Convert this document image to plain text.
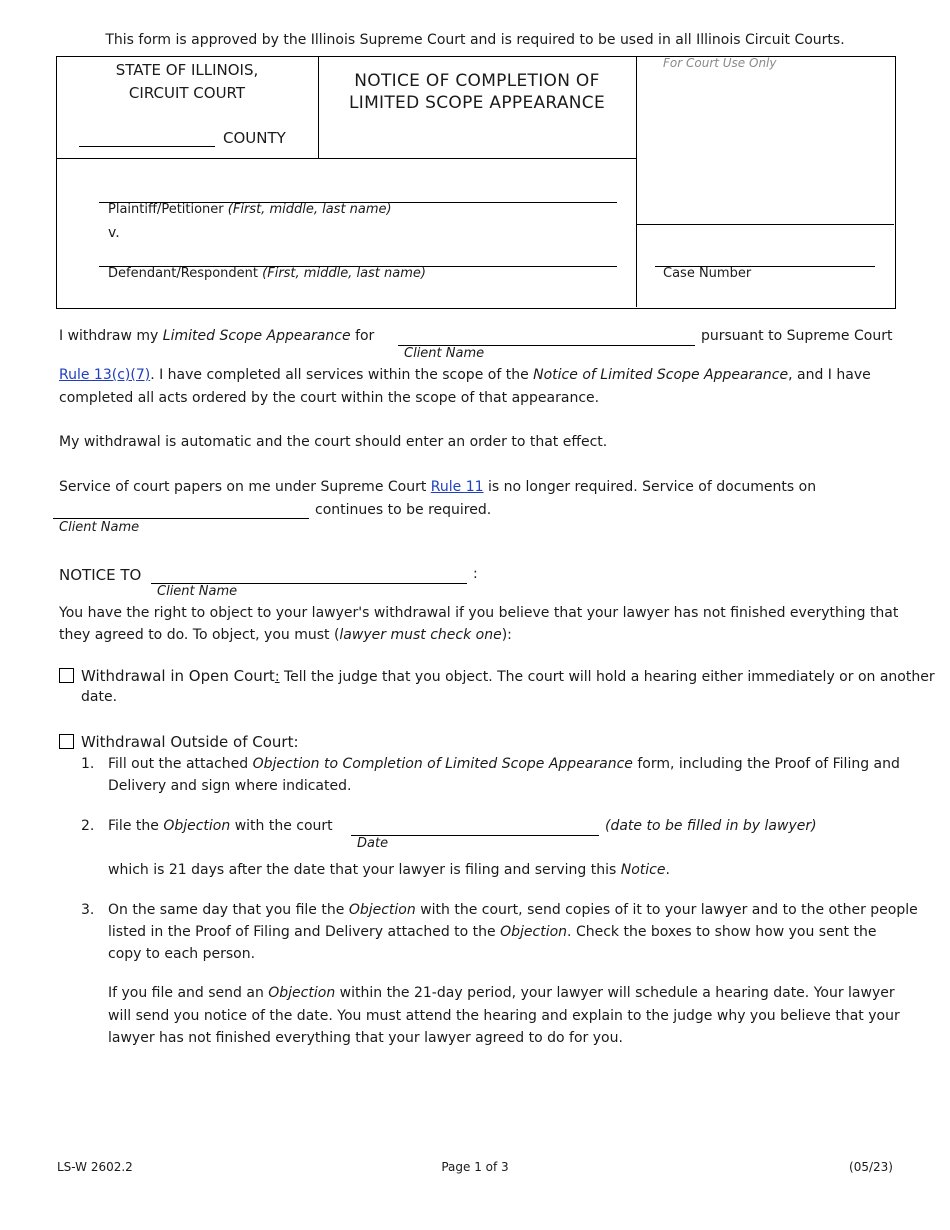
This form is approved by the Illinois Supreme Court and is required to be used in all Illinois Circuit Courts.
STATE OF ILLINOIS,
CIRCUIT COURT
COUNTY
NOTICE OF COMPLETION OF
LIMITED SCOPE APPEARANCE
For Court Use Only
Plaintiff/Petitioner (First, middle, last name)
v.
Defendant/Respondent (First, middle, last name)	Case Number
I withdraw my Limited Scope Appearance for
Client Name
pursuant to Supreme Court
Rule 13(c)(7). I have completed all services within the scope of the Notice of Limited Scope Appearance, and I have
completed all acts ordered by the court within the scope of that appearance.
My withdrawal is automatic and the court should enter an order to that effect.
Service of court papers on me under Supreme Court Rule 11 is no longer required. Service of documents on
continues to be required.
Client Name
NOTICE TO	:
Client Name
You have the right to object to your lawyer's withdrawal if you believe that your lawyer has not finished everything that
they agreed to do. To object, you must (lawyer must check one):
Withdrawal in Open Court: Tell the judge that you object. The court will hold a hearing either immediately or on another
date.
Withdrawal Outside of Court:
1. Fill out the attached Objection to Completion of Limited Scope Appearance form, including the Proof of Filing and
Delivery and sign where indicated.
2. File the Objection with the court
Date
(date to be filled in by lawyer)
which is 21 days after the date that your lawyer is filing and serving this Notice.
3. On the same day that you file the Objection with the court, send copies of it to your lawyer and to the other people
listed in the Proof of Filing and Delivery attached to the Objection. Check the boxes to show how you sent the
copy to each person.
If you file and send an Objection within the 21-day period, your lawyer will schedule a hearing date. Your lawyer
will send you notice of the date. You must attend the hearing and explain to the judge why you believe that your
lawyer has not finished everything that your lawyer agreed to do for you.
LS-W 2602.2	Page 1 of 3	(05/23)
